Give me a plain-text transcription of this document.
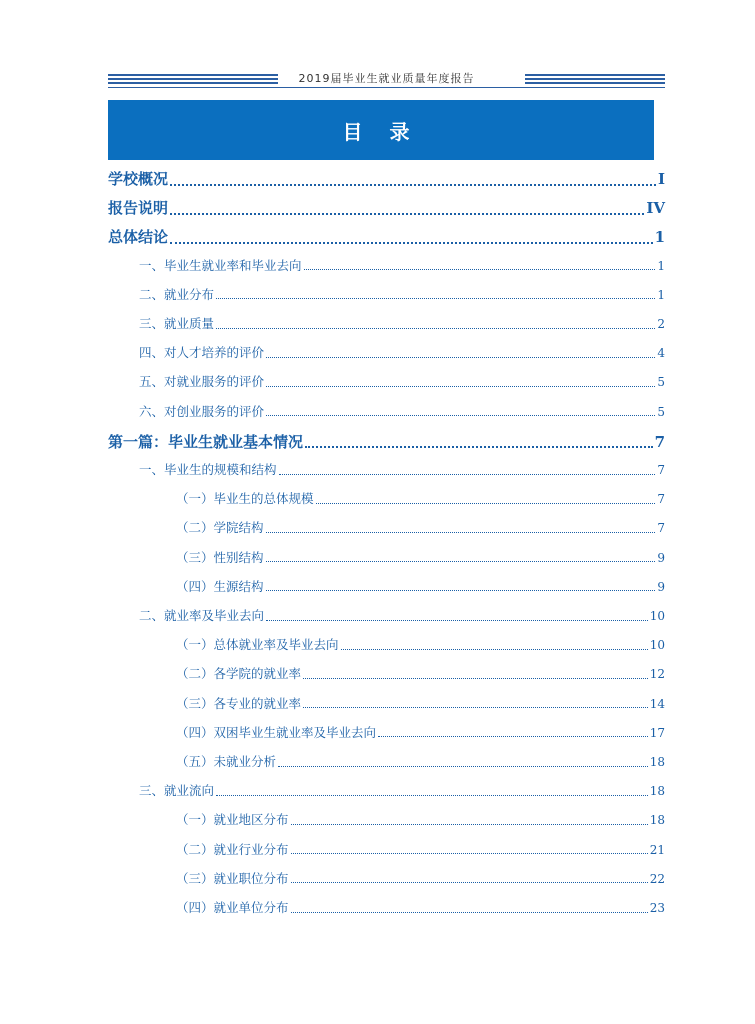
2019届毕业生就业质量年度报告
目 录
学校概况	I
报告说明	IV
总体结论	1
一、毕业生就业率和毕业去向	1
二、就业分布	1
三、就业质量	2
四、对人才培养的评价	4
五、对就业服务的评价	5
六、对创业服务的评价	5
第一篇：毕业生就业基本情况	7
一、毕业生的规模和结构	7
（一）毕业生的总体规模	7
（二）学院结构	7
（三）性别结构	9
（四）生源结构	9
二、就业率及毕业去向	10
（一）总体就业率及毕业去向	10
（二）各学院的就业率	12
（三）各专业的就业率	14
（四）双困毕业生就业率及毕业去向	17
（五）未就业分析	18
三、就业流向	18
（一）就业地区分布	18
（二）就业行业分布	21
（三）就业职位分布	22
（四）就业单位分布	23
